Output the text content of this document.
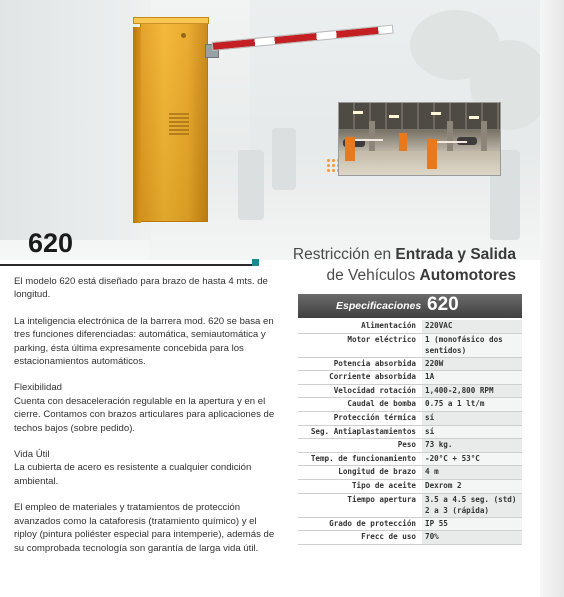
620	Restricción en Entrada y Salida
de Vehículos Automotores

El modelo 620 está diseñado para brazo de hasta 4 mts. de longitud.

La inteligencia electrónica de la barrera mod. 620 se basa en tres funciones diferenciadas: automática, semiautomática y parking, ésta última expresamente concebida para los estacionamientos automáticos.

Flexibilidad

Cuenta con desaceleración regulable en la apertura y en el cierre. Contamos con brazos articulares para aplicaciones de techos bajos (sobre pedido).

Vida Útil

La cubierta de acero es resistente a cualquier condición ambiental.

El empleo de materiales y tratamientos de protección avanzados como la cataforesis (tratamiento químico) y el riploy (pintura poliéster especial para intemperie), además de su comprobada tecnología son garantía de larga vida útil.

Especificaciones 620
Alimentación	220VAC
Motor eléctrico	1 (monofásico dos sentidos)
Potencia absorbida	220W
Corriente absorbida	1A
Velocidad rotación	1,400-2,800 RPM
Caudal de bomba	0.75 a 1 lt/m
Protección térmica	sí
Seg. Antiaplastamientos	sí
Peso	73 kg.
Temp. de funcionamiento	-20°C + 53°C
Longitud de brazo	4 m
Tipo de aceite	Dexrom 2
Tiempo apertura	3.5 a 4.5 seg. (std) 2 a 3 (rápida)
Grado de protección	IP 55
Frecc de uso	70%
